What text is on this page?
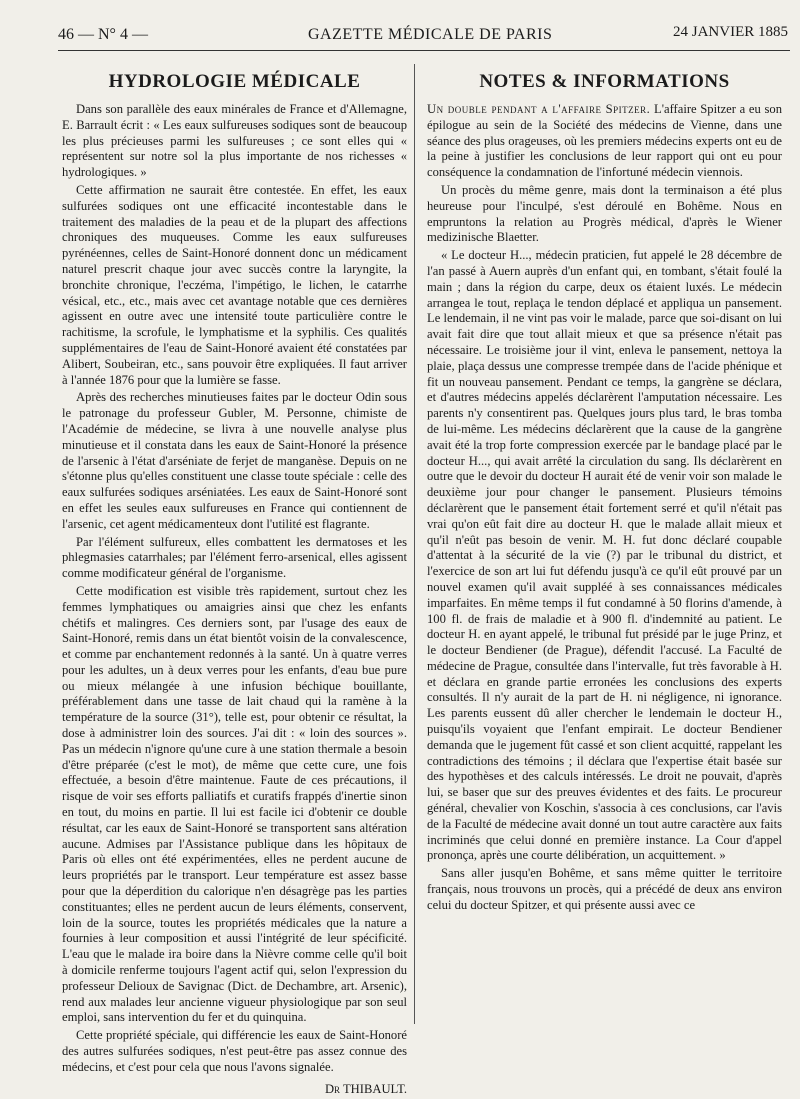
46 — N° 4 —	GAZETTE MÉDICALE DE PARIS	24 JANVIER 1885
HYDROLOGIE MÉDICALE

Dans son parallèle des eaux minérales de France et d'Allemagne, E. Barrault écrit : « Les eaux sulfureuses sodiques sont de beaucoup les plus précieuses parmi les sulfureuses ; ce sont elles qui « représentent sur notre sol la plus importante de nos richesses « hydrologiques. »

Cette affirmation ne saurait être contestée. En effet, les eaux sulfurées sodiques ont une efficacité incontestable dans le traitement des maladies de la peau et de la plupart des affections chroniques des muqueuses. Comme les eaux sulfureuses pyrénéennes, celles de Saint-Honoré donnent donc un médicament naturel prescrit chaque jour avec succès contre la laryngite, la bronchite chronique, l'eczéma, l'impétigo, le lichen, le catarrhe vésical, etc., etc., mais avec cet avantage notable que ces dernières agissent en outre avec une intensité toute particulière contre le rachitisme, la scrofule, le lymphatisme et la syphilis. Ces qualités supplémentaires de l'eau de Saint-Honoré avaient été constatées par Alibert, Soubeiran, etc., sans pouvoir être expliquées. Il faut arriver à l'année 1876 pour que la lumière se fasse.

Après des recherches minutieuses faites par le docteur Odin sous le patronage du professeur Gubler, M. Personne, chimiste de l'Académie de médecine, se livra à une nouvelle analyse plus minutieuse et il constata dans les eaux de Saint-Honoré la présence de l'arsenic à l'état d'arséniate de ferjet de manganèse. Depuis on ne s'étonne plus qu'elles constituent une classe toute spéciale : celle des eaux sulfurées sodiques arséniatées. Les eaux de Saint-Honoré sont en effet les seules eaux sulfureuses en France qui contiennent de l'arsenic, cet agent médicamenteux dont l'utilité est flagrante.

Par l'élément sulfureux, elles combattent les dermatoses et les phlegmasies catarrhales; par l'élément ferro-arsenical, elles agissent comme modificateur général de l'organisme.

Cette modification est visible très rapidement, surtout chez les femmes lymphatiques ou amaigries ainsi que chez les enfants chétifs et malingres. Ces derniers sont, par l'usage des eaux de Saint-Honoré, remis dans un état bientôt voisin de la convalescence, et comme par enchantement redonnés à la santé. Un à quatre verres pour les adultes, un à deux verres pour les enfants, d'eau bue pure ou mieux mélangée à une infusion béchique bouillante, préférablement dans une tasse de lait chaud qui la ramène à la température de la source (31°), telle est, pour obtenir ce résultat, la dose à administrer loin des sources. J'ai dit : « loin des sources ». Pas un médecin n'ignore qu'une cure à une station thermale a besoin d'être préparée (c'est le mot), de même que cette cure, une fois effectuée, a besoin d'être maintenue. Faute de ces précautions, il risque de voir ses efforts palliatifs et curatifs frappés d'inertie sinon en tout, du moins en partie. Il lui est facile ici d'obtenir ce double résultat, car les eaux de Saint-Honoré se transportent sans altération aucune. Admises par l'Assistance publique dans les hôpitaux de Paris où elles ont été expérimentées, elles ne perdent aucune de leurs propriétés par le transport. Leur température est assez basse pour que la déperdition du calorique n'en désagrège pas les parties constituantes; elles ne perdent aucun de leurs éléments, conservent, loin de la source, toutes les propriétés médicales que la nature a fournies à leur composition et aussi l'intégrité de leur spécificité. L'eau que le malade ira boire dans la Nièvre comme celle qu'il boit à domicile renferme toujours l'agent actif qui, selon l'expression du professeur Delioux de Savignac (Dict. de Dechambre, art. Arsenic), rend aux malades leur ancienne vigueur physiologique par son seul emploi, sans intervention du fer et du quinquina.

Cette propriété spéciale, qui différencie les eaux de Saint-Honoré des autres sulfurées sodiques, n'est peut-être pas assez connue des médecins, et c'est pour cela que nous l'avons signalée.

Dr THIBAULT.

NOTES & INFORMATIONS

Un double pendant a l'affaire Spitzer. L'affaire Spitzer a eu son épilogue au sein de la Société des médecins de Vienne, dans une séance des plus orageuses, où les premiers médecins experts ont eu de la peine à justifier les conclusions de leur rapport qui ont eu pour conséquence la condamnation de l'infortuné médecin viennois.

Un procès du même genre, mais dont la terminaison a été plus heureuse pour l'inculpé, s'est déroulé en Bohême. Nous en empruntons la relation au Progrès médical, d'après le Wiener medizinische Blaetter.

« Le docteur H..., médecin praticien, fut appelé le 28 décembre de l'an passé à Auern auprès d'un enfant qui, en tombant, s'était foulé la main ; dans la région du carpe, deux os étaient luxés. Le médecin arrangea le tout, replaça le tendon déplacé et appliqua un pansement. Le lendemain, il ne vint pas voir le malade, parce que soi-disant on lui avait fait dire que tout allait mieux et que sa présence n'était pas nécessaire. Le troisième jour il vint, enleva le pansement, nettoya la plaie, plaça dessus une compresse trempée dans de l'acide phénique et fit un nouveau pansement. Pendant ce temps, la gangrène se déclara, et d'autres médecins appelés déclarèrent l'amputation nécessaire. Les parents n'y consentirent pas. Quelques jours plus tard, le bras tomba de lui-même. Les médecins déclarèrent que la cause de la gangrène avait été la trop forte compression exercée par le bandage placé par le docteur H..., qui avait arrêté la circulation du sang. Ils déclarèrent en outre que le devoir du docteur H aurait été de venir voir son malade le deuxième jour pour changer le pansement. Plusieurs témoins déclarèrent que le pansement était fortement serré et qu'il n'était pas vrai qu'on eût fait dire au docteur H. que le malade allait mieux et qu'il n'eût pas besoin de venir. M. H. fut donc déclaré coupable d'attentat à la sécurité de la vie (?) par le tribunal du district, et l'exercice de son art lui fut défendu jusqu'à ce qu'il eût prouvé par un nouvel examen qu'il avait suppléé à ses connaissances médicales imparfaites. En même temps il fut condamné à 50 florins d'amende, à 100 fl. de frais de maladie et à 900 fl. d'indemnité au patient. Le docteur H. en ayant appelé, le tribunal fut présidé par le juge Prinz, et le docteur Bendiener (de Prague), défendit l'accusé. La Faculté de médecine de Prague, consultée dans l'intervalle, fut très favorable à H. et déclara en grande partie erronées les conclusions des experts consultés. Il n'y aurait de la part de H. ni négligence, ni ignorance. Les parents eussent dû aller chercher le lendemain le docteur H., puisqu'ils voyaient que l'enfant empirait. Le docteur Bendiener demanda que le jugement fût cassé et son client acquitté, rappelant les contradictions des témoins ; il déclara que l'expertise était basée sur des hypothèses et des calculs intéressés. Le droit ne pouvait, d'après lui, se baser que sur des preuves évidentes et des faits. Le procureur général, chevalier von Koschin, s'associa à ces conclusions, car l'avis de la Faculté de médecine avait donné un tout autre caractère aux faits incriminés que celui donné en première instance. La Cour d'appel prononça, après une courte délibération, un acquittement. »

Sans aller jusqu'en Bohême, et sans même quitter le territoire français, nous trouvons un procès, qui a précédé de deux ans environ celui du docteur Spitzer, et qui présente aussi avec ce
